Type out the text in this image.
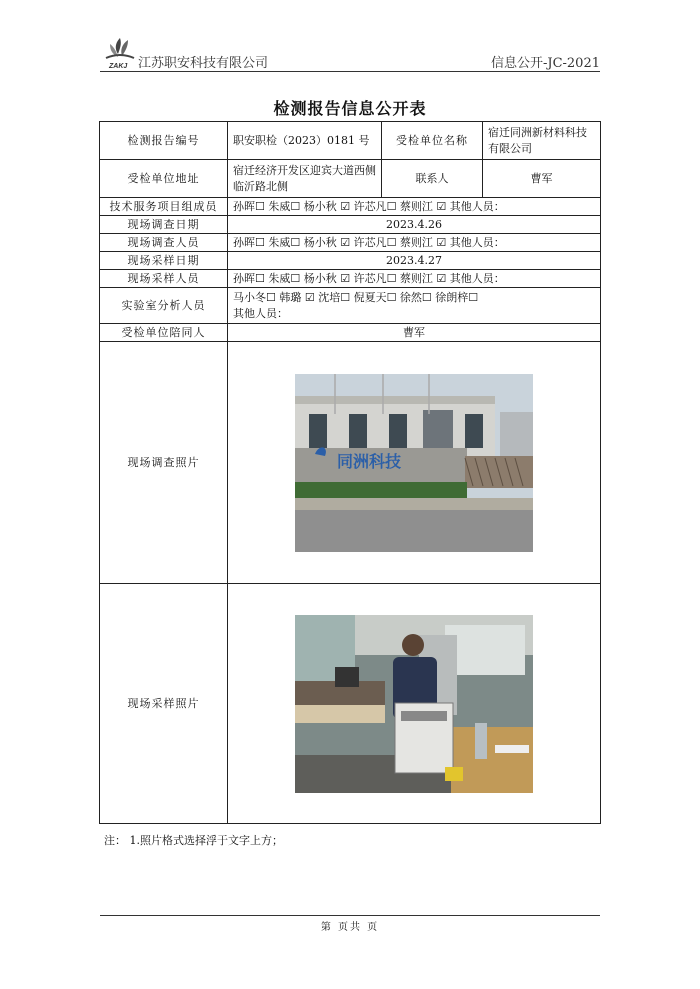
ZAKJ 江苏职安科技有限公司	信息公开-JC-2021
检测报告信息公开表
检测报告编号	职安职检（2023）0181 号	受检单位名称	宿迁同洲新材料科技有限公司
受检单位地址	宿迁经济开发区迎宾大道西侧临沂路北侧	联系人	曹军
技术服务项目组成员	孙晖☐ 朱威☐ 杨小秋 ☑ 许芯凡☐ 蔡则江 ☑ 其他人员：		
现场调查日期	2023.4.26		
现场调查人员	孙晖☐ 朱威☐ 杨小秋 ☑ 许芯凡☐ 蔡则江 ☑ 其他人员：		
现场采样日期	2023.4.27		
现场采样人员	孙晖☐ 朱威☐ 杨小秋 ☑ 许芯凡☐ 蔡则江 ☑ 其他人员：		
实验室分析人员	马小冬☐ 韩璐 ☑ 沈培☐ 倪夏天☐ 徐然☐ 徐朗梓☐
其他人员：		

受检单位陪同人	曹军		
现场调查照片	同洲科技		

现场采样照片	
注： 1.照片格式选择浮于文字上方；
第 页共 页
